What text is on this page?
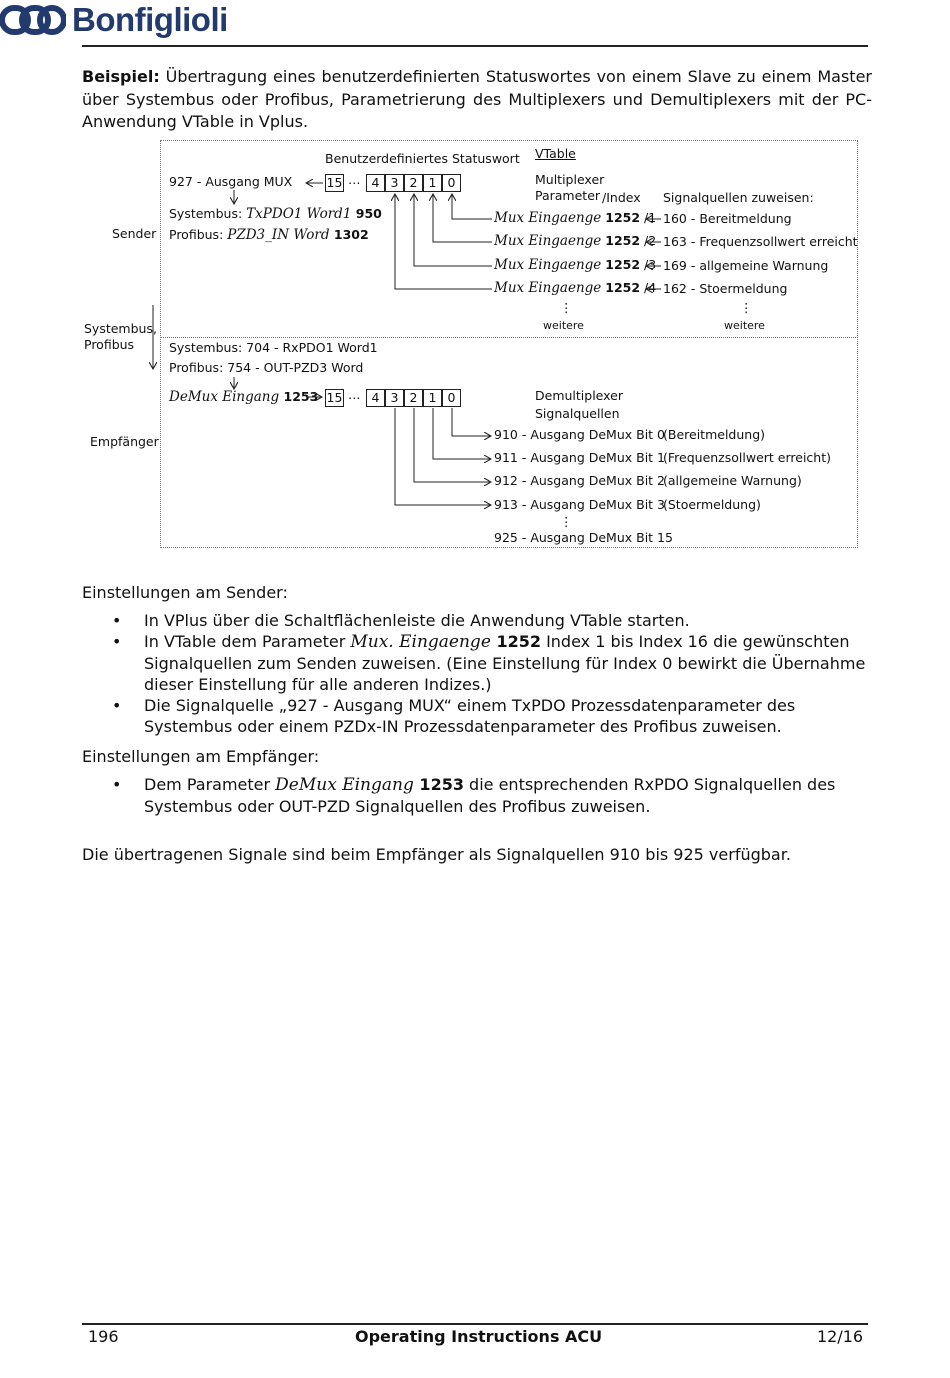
Bonfiglioli
Beispiel: Übertragung eines benutzerdefinierten Statuswortes von einem Slave zu einem Master über Systembus oder Profibus, Parametrierung des Multiplexers und Demultiplexers mit der PC-Anwendung VTable in Vplus.
Sender
Systembus, Profibus
Empfänger
Benutzerdefiniertes Statuswort VTable
Multiplexer Parameter /Index Signalquellen zuweisen:
927 - Ausgang MUX
Systembus: TxPDO1 Word1 950
Profibus: PZD3_IN Word 1302
15 … 4 3 2 1 0
Mux Eingaenge 1252 /1 160 - Bereitmeldung
Mux Eingaenge 1252 /2 163 - Frequenzsollwert erreicht
Mux Eingaenge 1252 /3 169 - allgemeine Warnung
Mux Eingaenge 1252 /4 162 - Stoermeldung
⋮	⋮
weitere	weitere
Systembus: 704 - RxPDO1 Word1
Profibus: 754 - OUT-PZD3 Word
DeMux Eingang 1253 15 … 4 3 2 1 0	Demultiplexer
Signalquellen
910 - Ausgang DeMux Bit 0
(Bereitmeldung)
911 - Ausgang DeMux Bit 1
(Frequenzsollwert erreicht)
912 - Ausgang DeMux Bit 2
(allgemeine Warnung)
913 - Ausgang DeMux Bit 3
(Stoermeldung)
⋮
925 - Ausgang DeMux Bit 15
Einstellungen am Sender:
• In VPlus über die Schaltflächenleiste die Anwendung VTable starten.
• In VTable dem Parameter Mux. Eingaenge 1252 Index 1 bis Index 16 die gewünschten Signalquellen zum Senden zuweisen. (Eine Einstellung für Index 0 bewirkt die Übernahme dieser Einstellung für alle anderen Indizes.)
• Die Signalquelle „927 - Ausgang MUX“ einem TxPDO Prozessdatenparameter des Systembus oder einem PZDx-IN Prozessdatenparameter des Profibus zuweisen.
Einstellungen am Empfänger:
• Dem Parameter DeMux Eingang 1253 die entsprechenden RxPDO Signalquellen des Systembus oder OUT-PZD Signalquellen des Profibus zuweisen.
Die übertragenen Signale sind beim Empfänger als Signalquellen 910 bis 925 verfügbar.
196	Operating Instructions ACU	12/16
